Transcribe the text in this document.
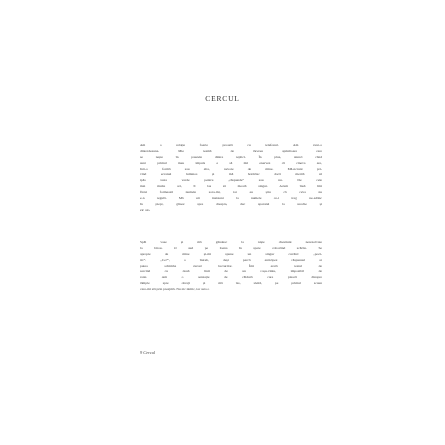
CERCUL
Am o relație foarte proastă cu telefonul. Am avut-o
dintotdeauna. Mie teamă de tăcerea apăsătoare care
se naște în pauzele dintre replici. În plus, atunci când
sunt primul meu impuls e să mă enervez că cineva are,
într-o formă sau alta, nevoie de mine. Mă-ncrunt pri-
vind ecranul luminos și mă hotărăsc dacă merită să
ipăs tasta verde pentru „răspunde” sau nu. De cele
mai multe ori, îl las să moară singur. Acum însă îmi
făcui formează numele sora-mi, iar eu știu că ceva nu
e-n regulă. Mă uit insistent la numele ce-i trag ne-adânc
în piept, glisez spre dreapta, duc aparatul la ureche și
zic alo.
Spăl vase și mă gândesc la niște chestiuni nerezolvate
la birou. O aud pe Ioana în spate coborând scările. Se
apropie de mine și-mi spune un singur cuvânt: „pozi-
tiv”. „Ce?”, o întreb, deși parcă anticipez răspunsul ar
putea schimba cursul lucrurilor. Îmi arată testul de
sarcină cu două linii de un roșu-viniu, imposibil de
ratat. Am o senzație de căldură care pleacă dinspre
tâmple spre obraji și mă las, sleită, pe primul scaun
care-mi stă prin preajmă. Nu zic nimic, iar asta o
9 Cercul
